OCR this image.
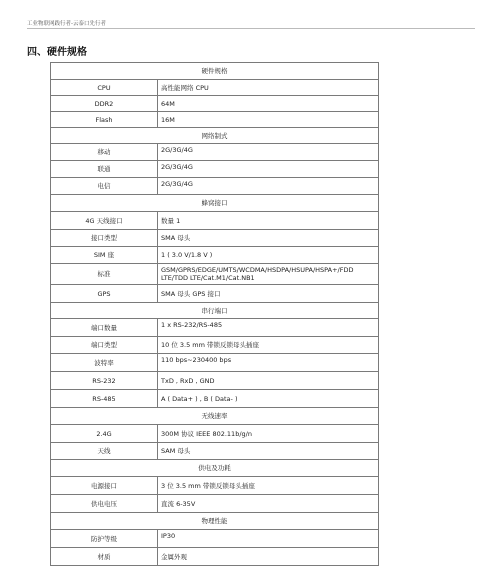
工业物联网践行者-云泰口先行者
四、硬件规格
硬件规格	
CPU	高性能网络 CPU
DDR2	64M
Flash	16M
网络制式	
移动	2G/3G/4G
联通	2G/3G/4G
电信	2G/3G/4G
蜂窝接口	
4G 天线接口	数量 1
接口类型	SMA 母头
SIM 座	1 ( 3.0 V/1.8 V )
标准	GSM/GPRS/EDGE/UMTS/WCDMA/HSDPA/HSUPA/HSPA+/FDD LTE/TDD LTE/Cat.M1/Cat.NB1
GPS	SMA 母头 GPS 接口
串行端口	
端口数量	1 x RS-232/RS-485
端口类型	10 位 3.5 mm 带锁反锁母头插座
波特率	110 bps~230400 bps
RS-232	TxD , RxD , GND
RS-485	A ( Data+ ) , B ( Data- )
无线速率	
2.4G	300M 协议 IEEE 802.11b/g/n
天线	SAM 母头
供电及功耗	
电源接口	3 位 3.5 mm 带锁反锁母头插座
供电电压	直流 6-35V
物理性能	
防护等级	IP30
材质	金属外观
